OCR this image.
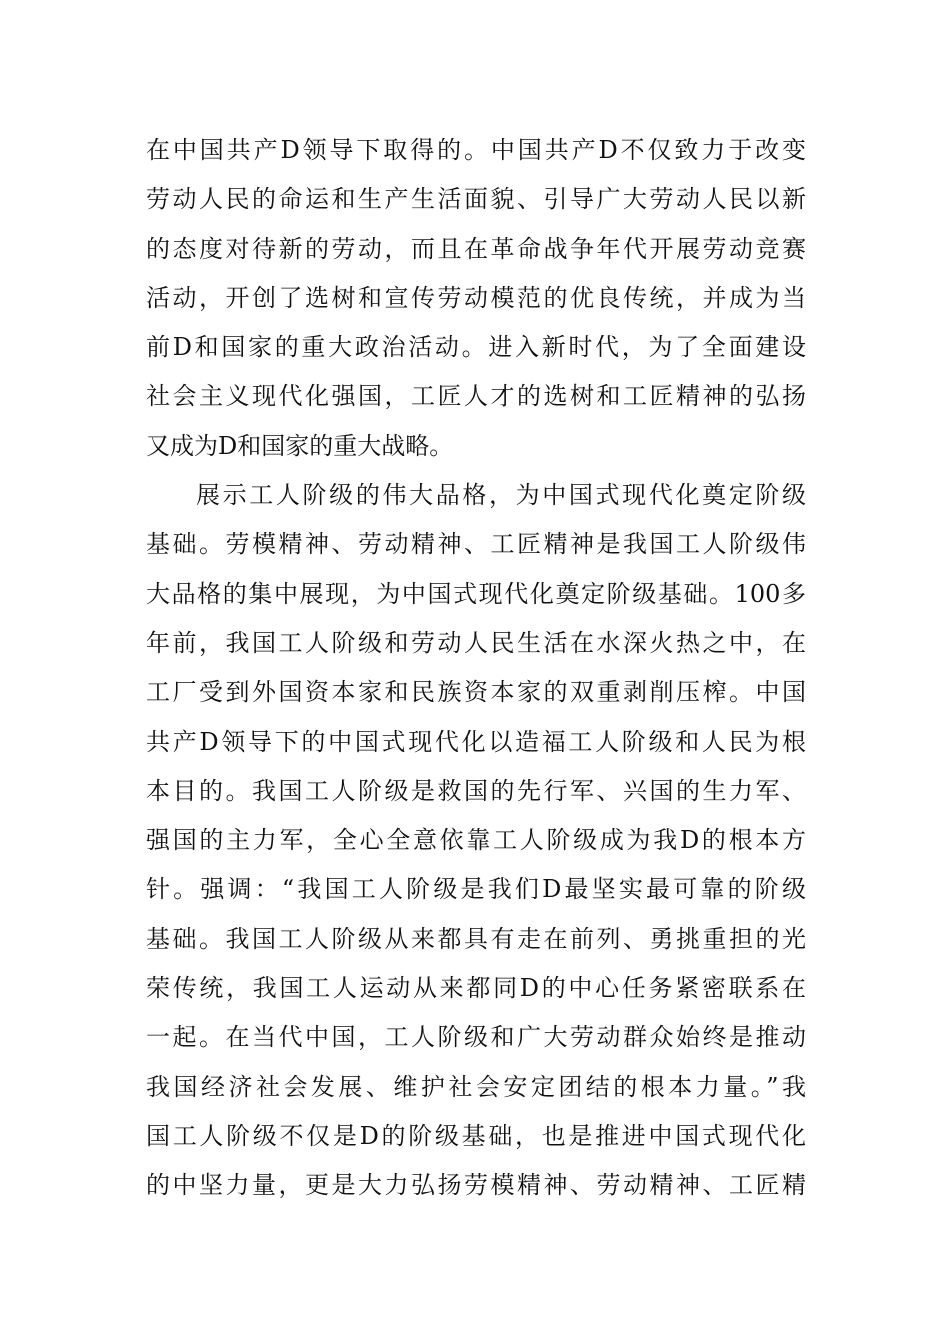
在中国共产D领导下取得的。中国共产D不仅致力于改变
劳动人民的命运和生产生活面貌、引导广大劳动人民以新
的态度对待新的劳动，而且在革命战争年代开展劳动竞赛
活动，开创了选树和宣传劳动模范的优良传统，并成为当
前D和国家的重大政治活动。进入新时代，为了全面建设
社会主义现代化强国，工匠人才的选树和工匠精神的弘扬
又成为D和国家的重大战略。
展示工人阶级的伟大品格，为中国式现代化奠定阶级
基础。劳模精神、劳动精神、工匠精神是我国工人阶级伟
大品格的集中展现，为中国式现代化奠定阶级基础。100多
年前，我国工人阶级和劳动人民生活在水深火热之中，在
工厂受到外国资本家和民族资本家的双重剥削压榨。中国
共产D领导下的中国式现代化以造福工人阶级和人民为根
本目的。我国工人阶级是救国的先行军、兴国的生力军、
强国的主力军，全心全意依靠工人阶级成为我D的根本方
针。强调：“我国工人阶级是我们D最坚实最可靠的阶级
基础。我国工人阶级从来都具有走在前列、勇挑重担的光
荣传统，我国工人运动从来都同D的中心任务紧密联系在
一起。在当代中国，工人阶级和广大劳动群众始终是推动
我国经济社会发展、维护社会安定团结的根本力量。”我
国工人阶级不仅是D的阶级基础，也是推进中国式现代化
的中坚力量，更是大力弘扬劳模精神、劳动精神、工匠精
